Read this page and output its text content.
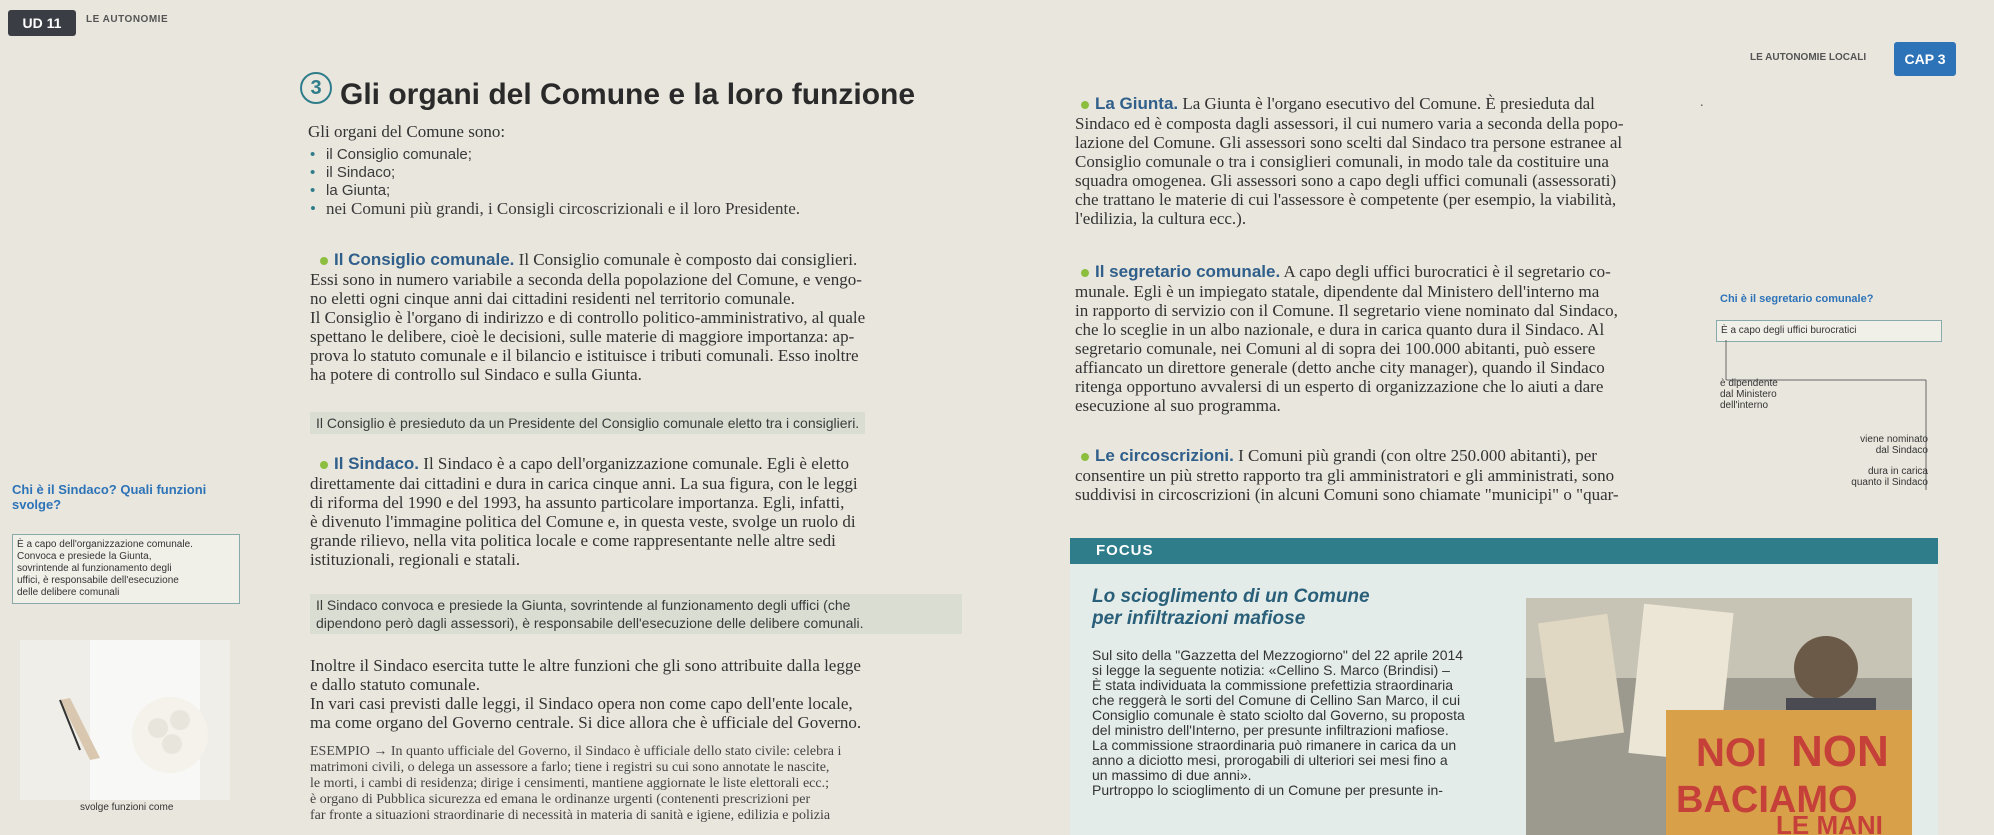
UD 11	LE AUTONOMIE
LE AUTONOMIE LOCALI	CAP 3
.
3 Gli organi del Comune e la loro funzione
Gli organi del Comune sono:
• il Consiglio comunale;
• il Sindaco;
• la Giunta;
• nei Comuni più grandi, i Consigli circoscrizionali e il loro Presidente.
Il Consiglio comunale. Il Consiglio comunale è composto dai consiglieri.
Essi sono in numero variabile a seconda della popolazione del Comune, e vengo-
no eletti ogni cinque anni dai cittadini residenti nel territorio comunale.
Il Consiglio è l'organo di indirizzo e di controllo politico-amministrativo, al quale
spettano le delibere, cioè le decisioni, sulle materie di maggiore importanza: ap-
prova lo statuto comunale e il bilancio e istituisce i tributi comunali. Esso inoltre
ha potere di controllo sul Sindaco e sulla Giunta.
Il Consiglio è presieduto da un Presidente del Consiglio comunale eletto tra i consiglieri.
Il Sindaco. Il Sindaco è a capo dell'organizzazione comunale. Egli è eletto
direttamente dai cittadini e dura in carica cinque anni. La sua figura, con le leggi
di riforma del 1990 e del 1993, ha assunto particolare importanza. Egli, infatti,
è divenuto l'immagine politica del Comune e, in questa veste, svolge un ruolo di
grande rilievo, nella vita politica locale e come rappresentante nelle altre sedi
istituzionali, regionali e statali.
Il Sindaco convoca e presiede la Giunta, sovrintende al funzionamento degli uffici (che
dipendono però dagli assessori), è responsabile dell'esecuzione delle delibere comunali.
Inoltre il Sindaco esercita tutte le altre funzioni che gli sono attribuite dalla legge
e dallo statuto comunale.
In vari casi previsti dalle leggi, il Sindaco opera non come capo dell'ente locale,
ma come organo del Governo centrale. Si dice allora che è ufficiale del Governo.
ESEMPIO → In quanto ufficiale del Governo, il Sindaco è ufficiale dello stato civile: celebra i
matrimoni civili, o delega un assessore a farlo; tiene i registri su cui sono annotate le nascite,
le morti, i cambi di residenza; dirige i censimenti, mantiene aggiornate le liste elettorali ecc.;
è organo di Pubblica sicurezza ed emana le ordinanze urgenti (contenenti prescrizioni per
far fronte a situazioni straordinarie di necessità in materia di sanità e igiene, edilizia e polizia
Chi è il Sindaco? Quali funzioni
svolge?
È a capo dell'organizzazione comunale.
Convoca e presiede la Giunta,
sovrintende al funzionamento degli
uffici, è responsabile dell'esecuzione
delle delibere comunali
svolge funzioni come
La Giunta. La Giunta è l'organo esecutivo del Comune. È presieduta dal
Sindaco ed è composta dagli assessori, il cui numero varia a seconda della popo-
lazione del Comune. Gli assessori sono scelti dal Sindaco tra persone estranee al
Consiglio comunale o tra i consiglieri comunali, in modo tale da costituire una
squadra omogenea. Gli assessori sono a capo degli uffici comunali (assessorati)
che trattano le materie di cui l'assessore è competente (per esempio, la viabilità,
l'edilizia, la cultura ecc.).
Il segretario comunale. A capo degli uffici burocratici è il segretario co-
munale. Egli è un impiegato statale, dipendente dal Ministero dell'interno ma
in rapporto di servizio con il Comune. Il segretario viene nominato dal Sindaco,
che lo sceglie in un albo nazionale, e dura in carica quanto dura il Sindaco. Al
segretario comunale, nei Comuni al di sopra dei 100.000 abitanti, può essere
affiancato un direttore generale (detto anche city manager), quando il Sindaco
ritenga opportuno avvalersi di un esperto di organizzazione che lo aiuti a dare
esecuzione al suo programma.
Le circoscrizioni. I Comuni più grandi (con oltre 250.000 abitanti), per
consentire un più stretto rapporto tra gli amministratori e gli amministrati, sono
suddivisi in circoscrizioni (in alcuni Comuni sono chiamate "municipi" o "quar-
Chi è il segretario comunale?
È a capo degli uffici burocratici
è dipendente
dal Ministero
dell'interno
viene nominato
dal Sindaco
dura in carica
quanto il Sindaco
FOCUS
Lo scioglimento di un Comune
per infiltrazioni mafiose
Sul sito della "Gazzetta del Mezzogiorno" del 22 aprile 2014
si legge la seguente notizia: «Cellino S. Marco (Brindisi) –
È stata individuata la commissione prefettizia straordinaria
che reggerà le sorti del Comune di Cellino San Marco, il cui
Consiglio comunale è stato sciolto dal Governo, su proposta
del ministro dell'Interno, per presunte infiltrazioni mafiose.
La commissione straordinaria può rimanere in carica da un
anno a diciotto mesi, prorogabili di ulteriori sei mesi fino a
un massimo di due anni».
Purtroppo lo scioglimento di un Comune per presunte in-
NOI NON
BACIAMO
LE MANI
